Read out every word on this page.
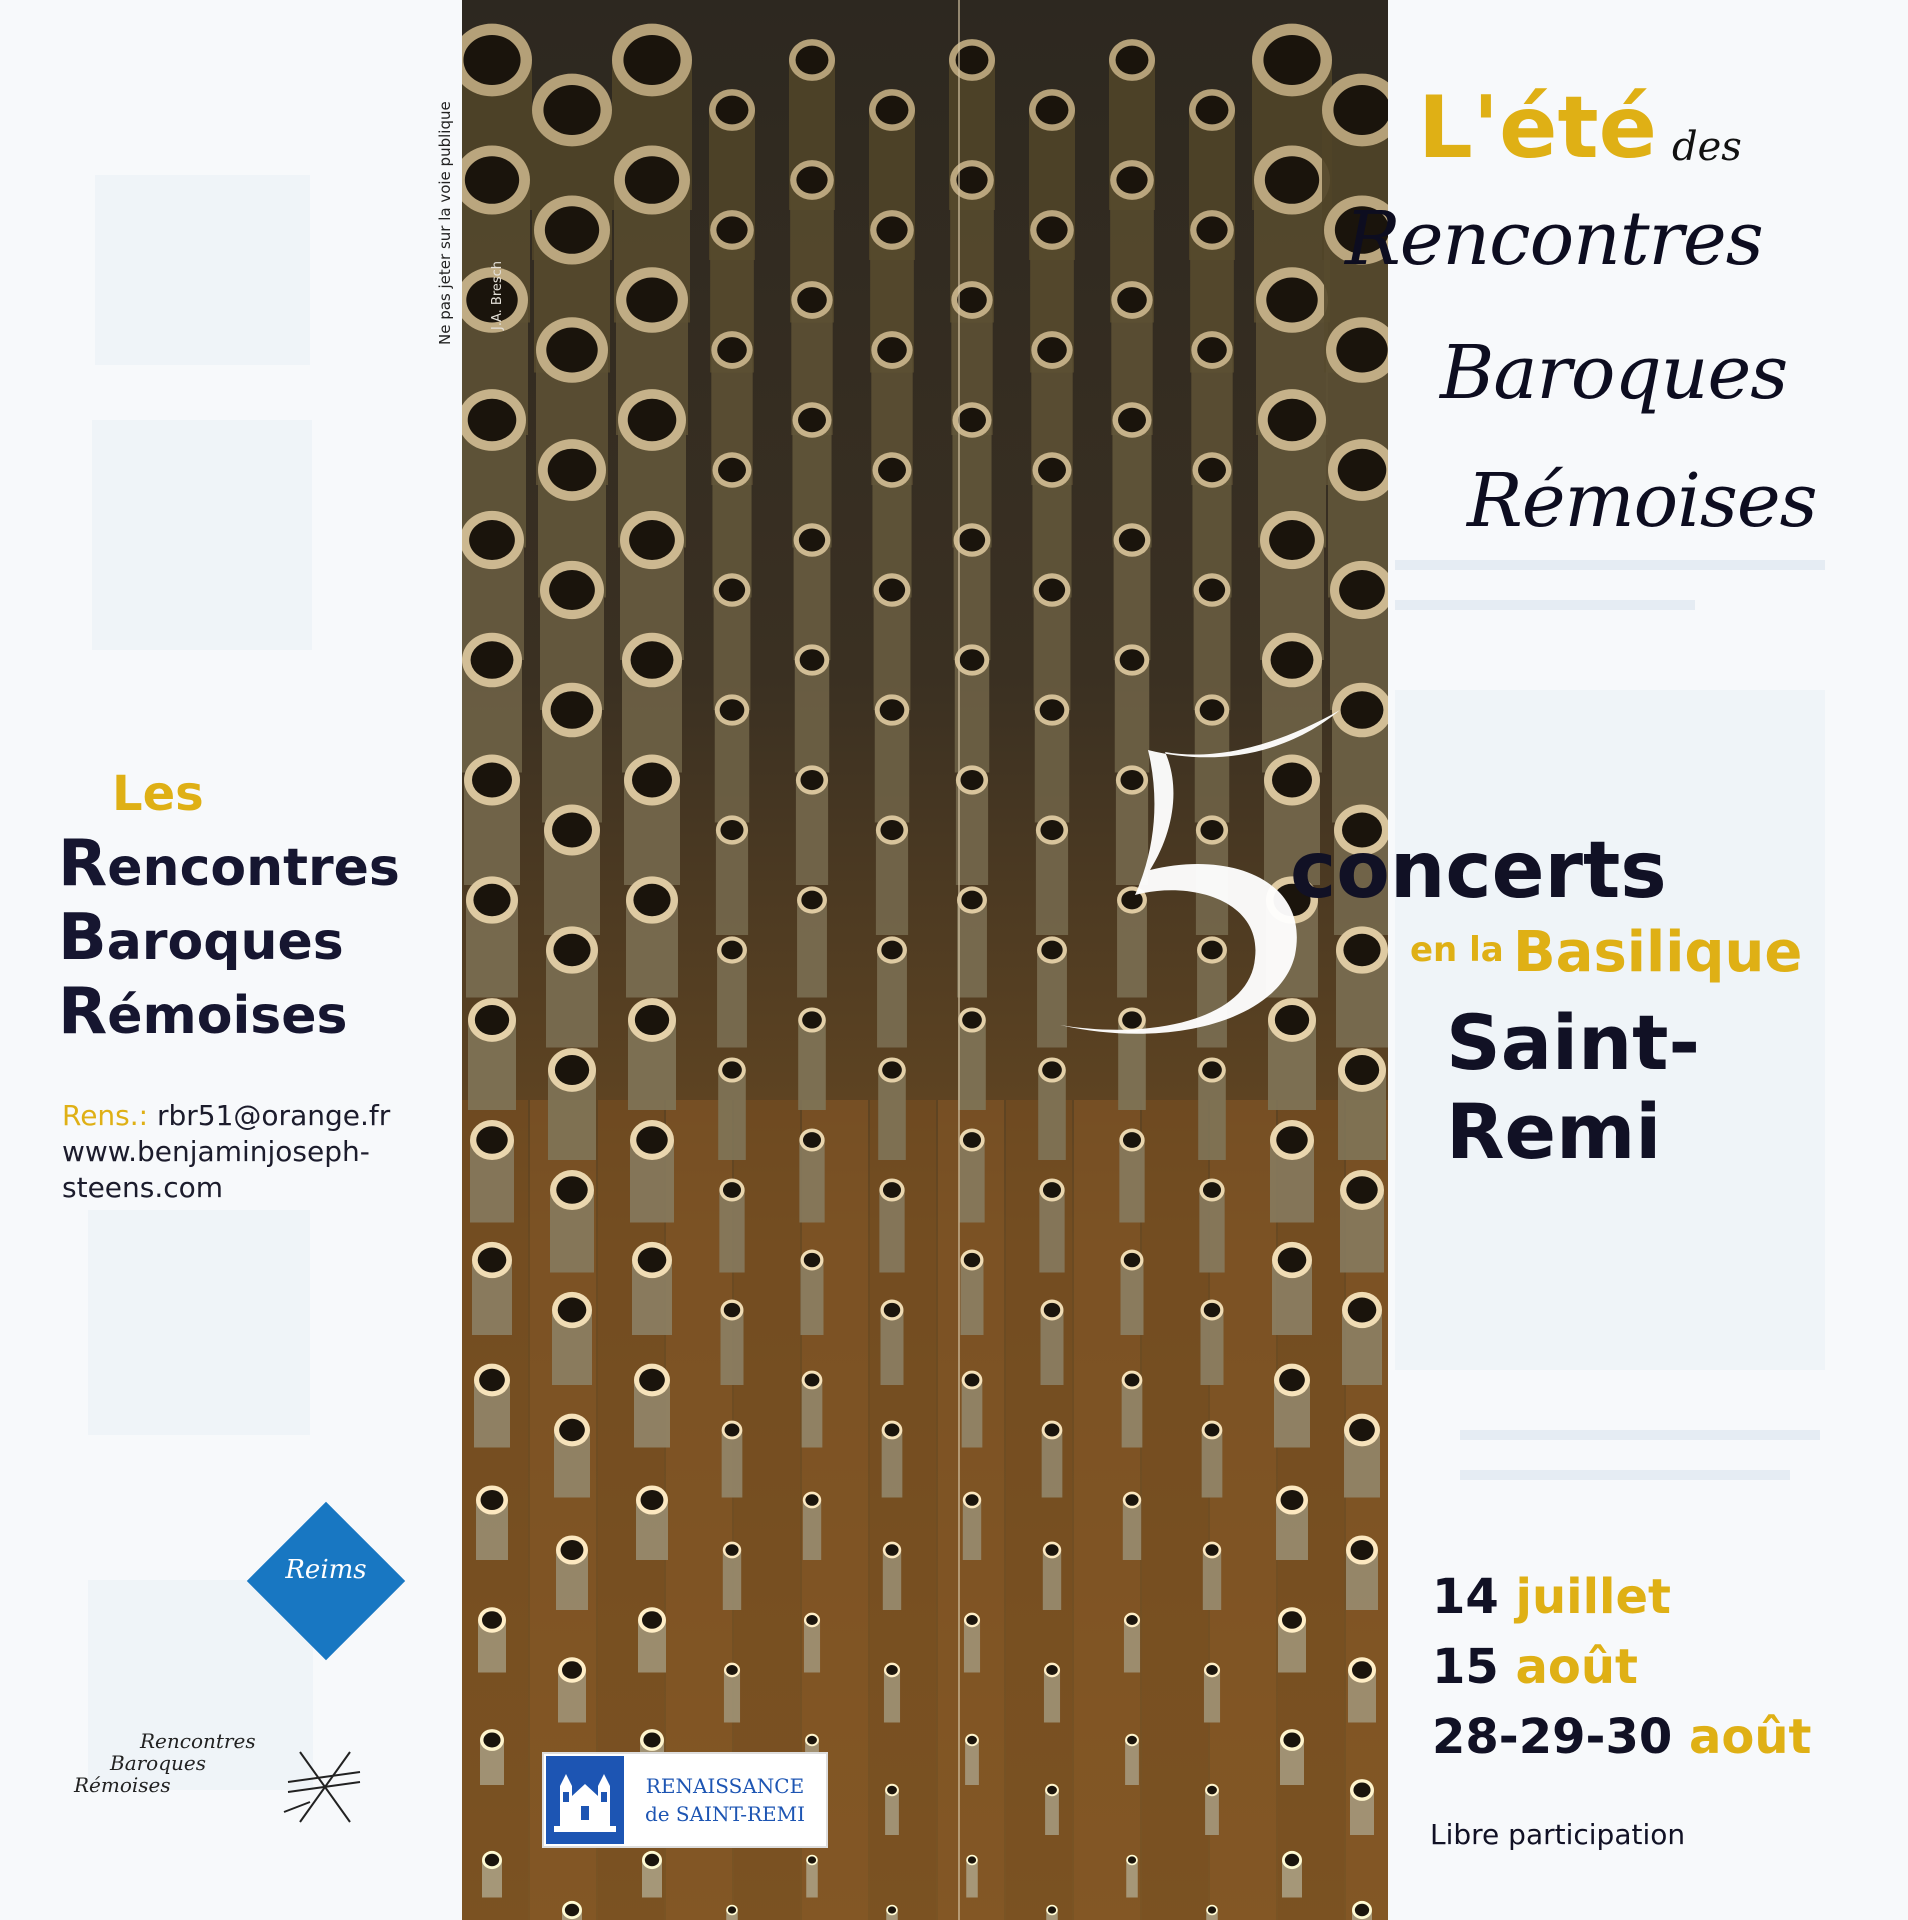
Les
Rencontres
Baroques
Rémoises
Rens.: rbr51@orange.fr
www.benjaminjoseph-
steens.com
Reims
Rencontres
Baroques
Rémoises
Ne pas jeter sur la voie publique	J.A. Bresch
RENAISSANCE
de SAINT-REMI
L'été des
Rencontres
Baroques
Rémoises
concerts
en la Basilique
Saint-Remi
14 juillet
15 août
28-29-30 août
Libre participation
